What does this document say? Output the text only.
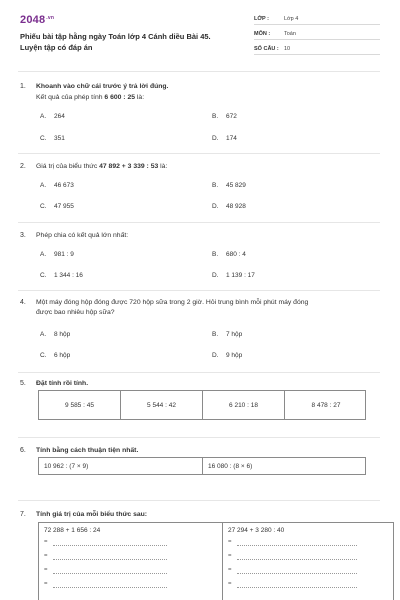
$2048^{.vn}$
Phiếu bài tập hằng ngày Toán lớp 4 Cánh diều Bài 45.
Luyện tập có đáp án
LỚP :	Lớp 4
MÔN :	Toán
SỐ CÂU : 10
1. Khoanh vào chữ cái trước ý trả lời đúng.
Kết quả của phép tính 6 600 : 25 là:
A. 264	B. 672
C. 351	D. 174
2. Giá trị của biểu thức 47 892 + 3 339 : 53 là:
A. 46 673	B. 45 829
C. 47 955	D. 48 928
3. Phép chia có kết quả lớn nhất:
A. 981 : 9	B. 680 : 4
C. 1 344 : 16	D. 1 139 : 17
4. Một máy đóng hộp đóng được 720 hộp sữa trong 2 giờ. Hỏi trung bình mỗi phút máy đóng
được bao nhiêu hộp sữa?
A. 8 hộp	B. 7 hộp
C. 6 hộp	D. 9 hộp
5. Đặt tính rồi tính.
9 585 : 45	5 544 : 42	6 210 : 18	8 478 : 27
6. Tính bằng cách thuận tiện nhất.
10 962 : (7 × 9)	16 080 : (8 × 6)
7. Tính giá trị của mỗi biểu thức sau:
72 288 + 1 656 : 24
=
=
=
=
27 294 + 3 280 : 40
=
=
=
=
